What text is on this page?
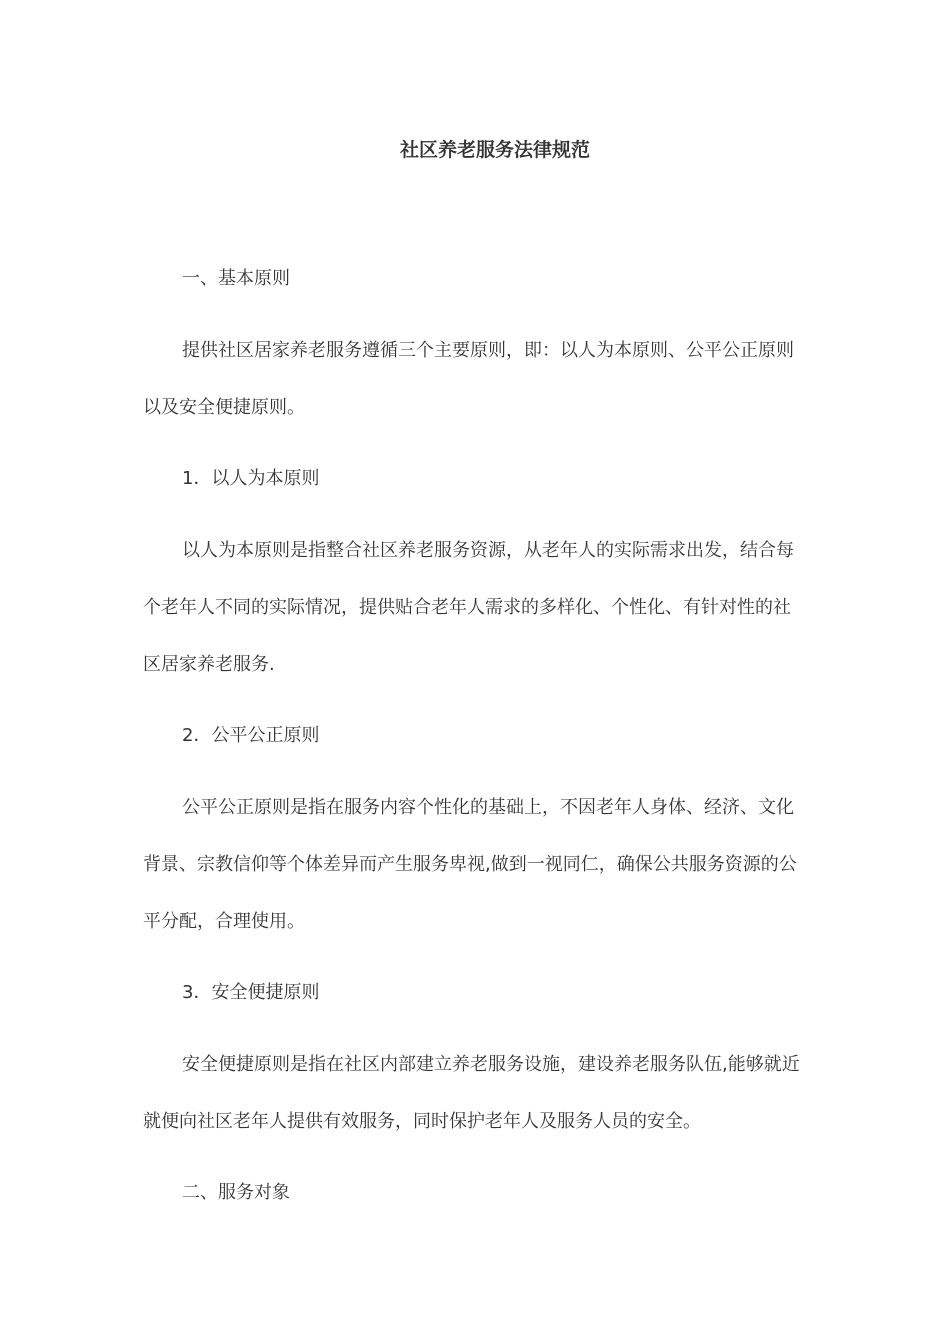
社区养老服务法律规范

一、基本原则

提供社区居家养老服务遵循三个主要原则，即：以人为本原则、公平公正原则以及安全便捷原则。

1．以人为本原则

以人为本原则是指整合社区养老服务资源，从老年人的实际需求出发，结合每个老年人不同的实际情况，提供贴合老年人需求的多样化、个性化、有针对性的社区居家养老服务.

2．公平公正原则

公平公正原则是指在服务内容个性化的基础上，不因老年人身体、经济、文化背景、宗教信仰等个体差异而产生服务卑视,做到一视同仁，确保公共服务资源的公平分配，合理使用。

3．安全便捷原则

安全便捷原则是指在社区内部建立养老服务设施，建设养老服务队伍,能够就近就便向社区老年人提供有效服务，同时保护老年人及服务人员的安全。

二、服务对象
